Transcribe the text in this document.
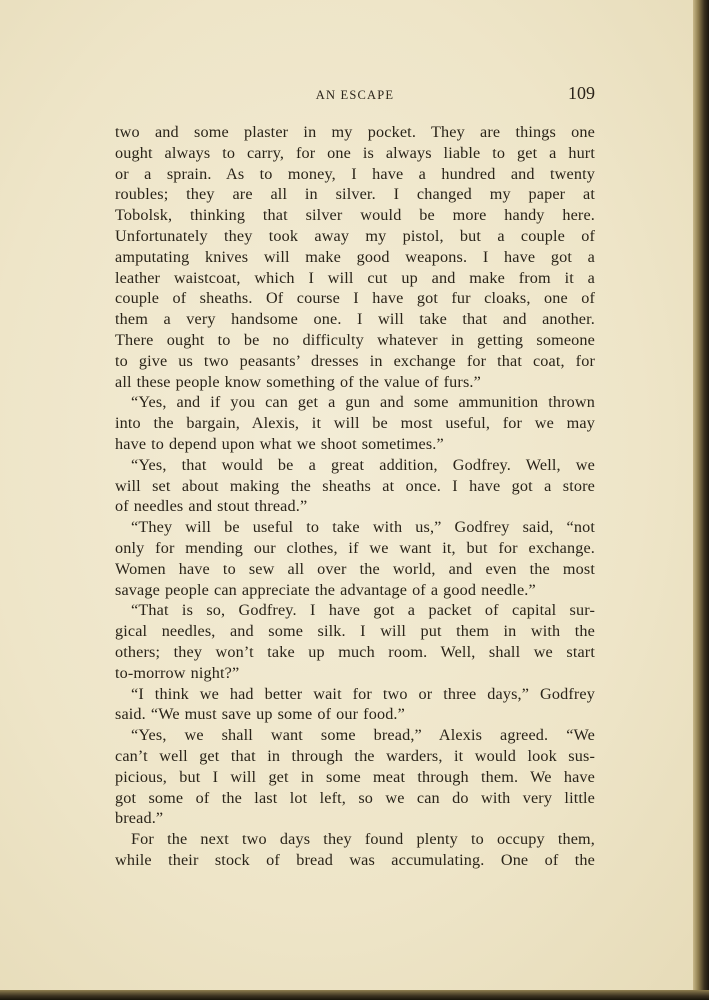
AN ESCAPE	109
two and some plaster in my pocket. They are things one
ought always to carry, for one is always liable to get a hurt
or a sprain. As to money, I have a hundred and twenty
roubles; they are all in silver. I changed my paper at
Tobolsk, thinking that silver would be more handy here.
Unfortunately they took away my pistol, but a couple of
amputating knives will make good weapons. I have got a
leather waistcoat, which I will cut up and make from it a
couple of sheaths. Of course I have got fur cloaks, one of
them a very handsome one. I will take that and another.
There ought to be no difficulty whatever in getting someone
to give us two peasants’ dresses in exchange for that coat, for
all these people know something of the value of furs.”
“Yes, and if you can get a gun and some ammunition thrown
into the bargain, Alexis, it will be most useful, for we may
have to depend upon what we shoot sometimes.”
“Yes, that would be a great addition, Godfrey. Well, we
will set about making the sheaths at once. I have got a store
of needles and stout thread.”
“They will be useful to take with us,” Godfrey said, “not
only for mending our clothes, if we want it, but for exchange.
Women have to sew all over the world, and even the most
savage people can appreciate the advantage of a good needle.”
“That is so, Godfrey. I have got a packet of capital sur-
gical needles, and some silk. I will put them in with the
others; they won’t take up much room. Well, shall we start
to-morrow night?”
“I think we had better wait for two or three days,” Godfrey
said. “We must save up some of our food.”
“Yes, we shall want some bread,” Alexis agreed. “We
can’t well get that in through the warders, it would look sus-
picious, but I will get in some meat through them. We have
got some of the last lot left, so we can do with very little
bread.”
For the next two days they found plenty to occupy them,
while their stock of bread was accumulating. One of the
